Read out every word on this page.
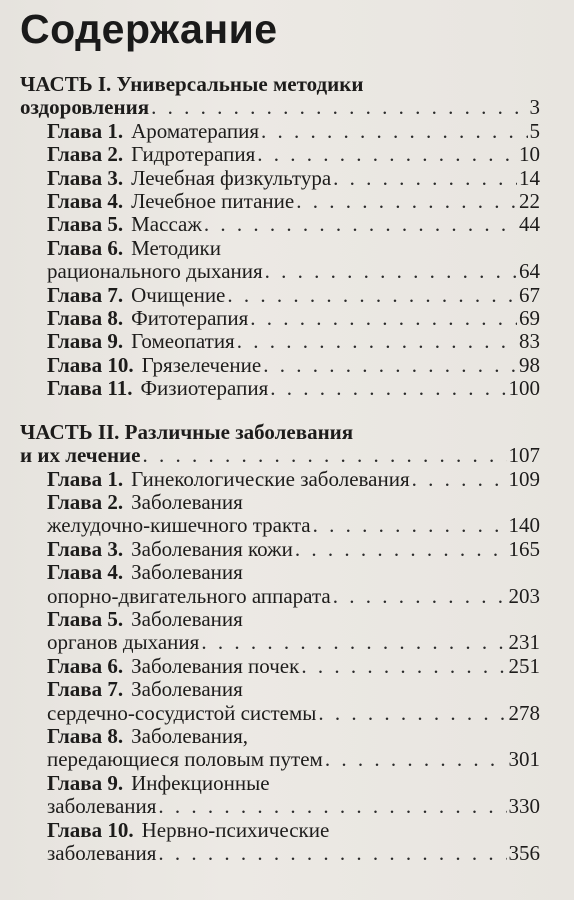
Содержание
ЧАСТЬ I. Универсальные методики
оздоровления . . .	3
Глава 1. Ароматерапия . . .	5
Глава 2. Гидротерапия . . .	10
Глава 3. Лечебная физкультура . . .	14
Глава 4. Лечебное питание . . .	22
Глава 5. Массаж . . .	44
Глава 6. Методики
рационального дыхания . . .	64
Глава 7. Очищение . . .	67
Глава 8. Фитотерапия . . .	69
Глава 9. Гомеопатия . . .	83
Глава 10. Грязелечение . . .	98
Глава 11. Физиотерапия . . .	100
ЧАСТЬ II. Различные заболевания
и их лечение . . .	107
Глава 1. Гинекологические заболевания . . .	109
Глава 2. Заболевания
желудочно-кишечного тракта . . .	140
Глава 3. Заболевания кожи . . .	165
Глава 4. Заболевания
опорно-двигательного аппарата . . .	203
Глава 5. Заболевания
органов дыхания . . .	231
Глава 6. Заболевания почек . . .	251
Глава 7. Заболевания
сердечно-сосудистой системы . . .	278
Глава 8. Заболевания,
передающиеся половым путем . . .	301
Глава 9. Инфекционные
заболевания . . .	330
Глава 10. Нервно-психические
заболевания . . .	356
